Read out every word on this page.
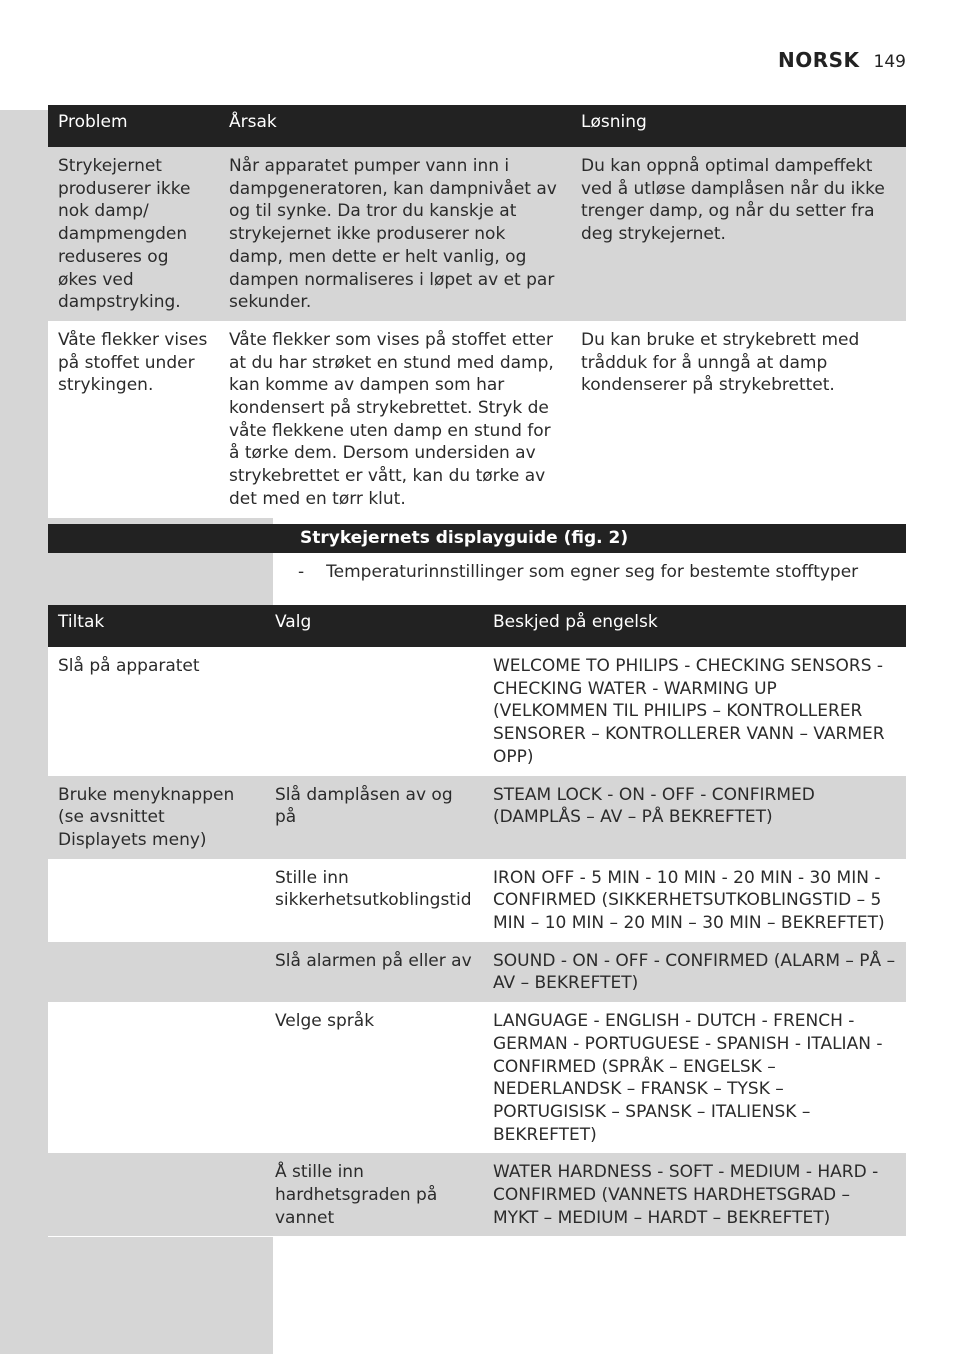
NORSK 149
Problem	Årsak	Løsning
Strykejernet produserer ikke nok damp/ dampmengden reduseres og økes ved dampstryking.	Når apparatet pumper vann inn i dampgeneratoren, kan dampnivået av og til synke. Da tror du kanskje at strykejernet ikke produserer nok damp, men dette er helt vanlig, og dampen normaliseres i løpet av et par sekunder.	Du kan oppnå optimal dampeffekt ved å utløse damplåsen når du ikke trenger damp, og når du setter fra deg strykejernet.
Våte flekker vises på stoffet under strykingen.	Våte flekker som vises på stoffet etter at du har strøket en stund med damp, kan komme av dampen som har kondensert på strykebrettet. Stryk de våte flekkene uten damp en stund for å tørke dem. Dersom undersiden av strykebrettet er vått, kan du tørke av det med en tørr klut.	Du kan bruke et strykebrett med trådduk for å unngå at damp kondenserer på strykebrettet.
Strykejernets displayguide (fig. 2)
- Temperaturinnstillinger som egner seg for bestemte stofftyper
Tiltak	Valg	Beskjed på engelsk
Slå på apparatet		WELCOME TO PHILIPS - CHECKING SENSORS - CHECKING WATER - WARMING UP (VELKOMMEN TIL PHILIPS – KONTROLLERER SENSORER – KONTROLLERER VANN – VARMER OPP)
Bruke menyknappen (se avsnittet Displayets meny)	Slå damplåsen av og på	STEAM LOCK - ON - OFF - CONFIRMED (DAMPLÅS – AV – PÅ BEKREFTET)
	Stille inn sikkerhetsutkoblingstid	IRON OFF - 5 MIN - 10 MIN - 20 MIN - 30 MIN - CONFIRMED (SIKKERHETSUTKOBLINGSTID – 5 MIN – 10 MIN – 20 MIN – 30 MIN – BEKREFTET)
	Slå alarmen på eller av	SOUND - ON - OFF - CONFIRMED (ALARM – PÅ – AV – BEKREFTET)
	Velge språk	LANGUAGE - ENGLISH - DUTCH - FRENCH - GERMAN - PORTUGUESE - SPANISH - ITALIAN - CONFIRMED (SPRÅK – ENGELSK – NEDERLANDSK – FRANSK – TYSK – PORTUGISISK – SPANSK – ITALIENSK – BEKREFTET)
	Å stille inn hardhetsgraden på vannet	WATER HARDNESS - SOFT - MEDIUM - HARD - CONFIRMED (VANNETS HARDHETSGRAD – MYKT – MEDIUM – HARDT – BEKREFTET)
